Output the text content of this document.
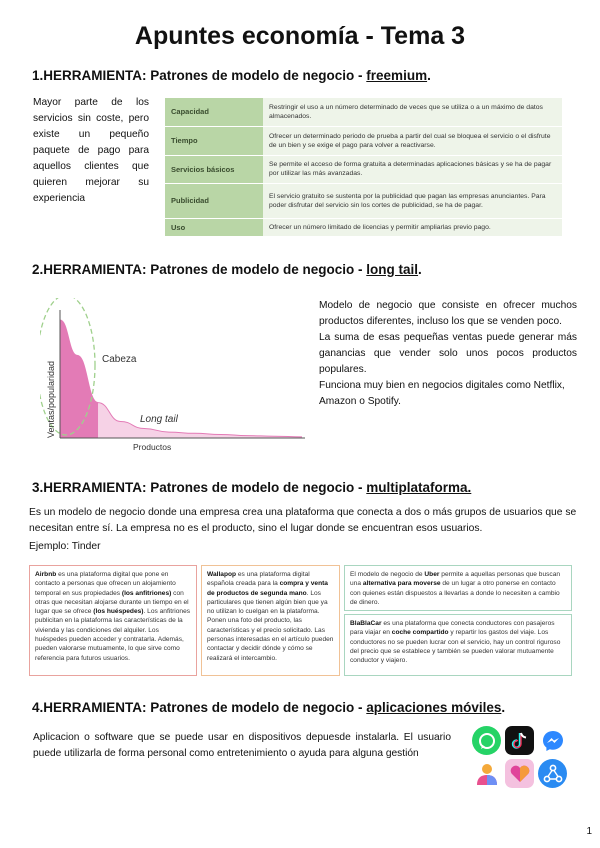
Apuntes economía - Tema 3
1.HERRAMIENTA: Patrones de modelo de negocio - freemium.
Mayor parte de los servicios sin coste, pero existe un pequeño paquete de pago para aquellos clientes que quieren mejorar su experiencia
Capacidad	Restringir el uso a un número determinado de veces que se utiliza o a un máximo de datos almacenados.
Tiempo	Ofrecer un determinado periodo de prueba a partir del cual se bloquea el servicio o el disfrute de un bien y se exige el pago para volver a reactivarse.
Servicios básicos	Se permite el acceso de forma gratuita a determinadas aplicaciones básicas y se ha de pagar por utilizar las más avanzadas.
Publicidad	El servicio gratuito se sustenta por la publicidad que pagan las empresas anunciantes. Para poder disfrutar del servicio sin los cortes de publicidad, se ha de pagar.
Uso	Ofrecer un número limitado de licencias y permitir ampliarlas previo pago.
2.HERRAMIENTA: Patrones de modelo de negocio - long tail.
Ventas/popularidad
Productos
Cabeza
Long tail
Modelo de negocio que consiste en ofrecer muchos productos diferentes, incluso los que se venden poco.
La suma de esas pequeñas ventas puede generar más ganancias que vender solo unos pocos productos populares.
Funciona muy bien en negocios digitales como Netflix, Amazon o Spotify.
3.HERRAMIENTA: Patrones de modelo de negocio - multiplataforma.
Es un modelo de negocio donde una empresa crea una plataforma que conecta a dos o más grupos de usuarios que se necesitan entre sí. La empresa no es el producto, sino el lugar donde se encuentran esos usuarios.
Ejemplo: Tinder
Airbnb es una plataforma digital que pone en contacto a personas que ofrecen un alojamiento temporal en sus propiedades (los anfitriones) con otras que necesitan alojarse durante un tiempo en el lugar que se ofrece (los huéspedes). Los anfitriones publicitan en la plataforma las características de la vivienda y las condiciones del alquiler. Los huéspedes pueden acceder y contratarla. Además, pueden valorarse mutuamente, lo que sirve como referencia para futuros usuarios.
Wallapop es una plataforma digital española creada para la compra y venta de productos de segunda mano. Los particulares que tienen algún bien que ya no utilizan lo cuelgan en la plataforma. Ponen una foto del producto, las características y el precio solicitado. Las personas interesadas en el artículo pueden contactar y decidir dónde y cómo se realizará el intercambio.
El modelo de negocio de Uber permite a aquellas personas que buscan una alternativa para moverse de un lugar a otro ponerse en contacto con quienes están dispuestos a llevarlas a donde lo necesiten a cambio de dinero.
BlaBlaCar es una plataforma que conecta conductores con pasajeros para viajar en coche compartido y repartir los gastos del viaje. Los conductores no se pueden lucrar con el servicio, hay un control riguroso del precio que se establece y también se pueden valorar mutuamente conductor y viajero.
4.HERRAMIENTA: Patrones de modelo de negocio - aplicaciones móviles.
Aplicacion o software que se puede usar en dispositivos depuesde instalarla. El usuario puede utilizarla de forma personal como entretenimiento o ayuda para alguna gestión
1
